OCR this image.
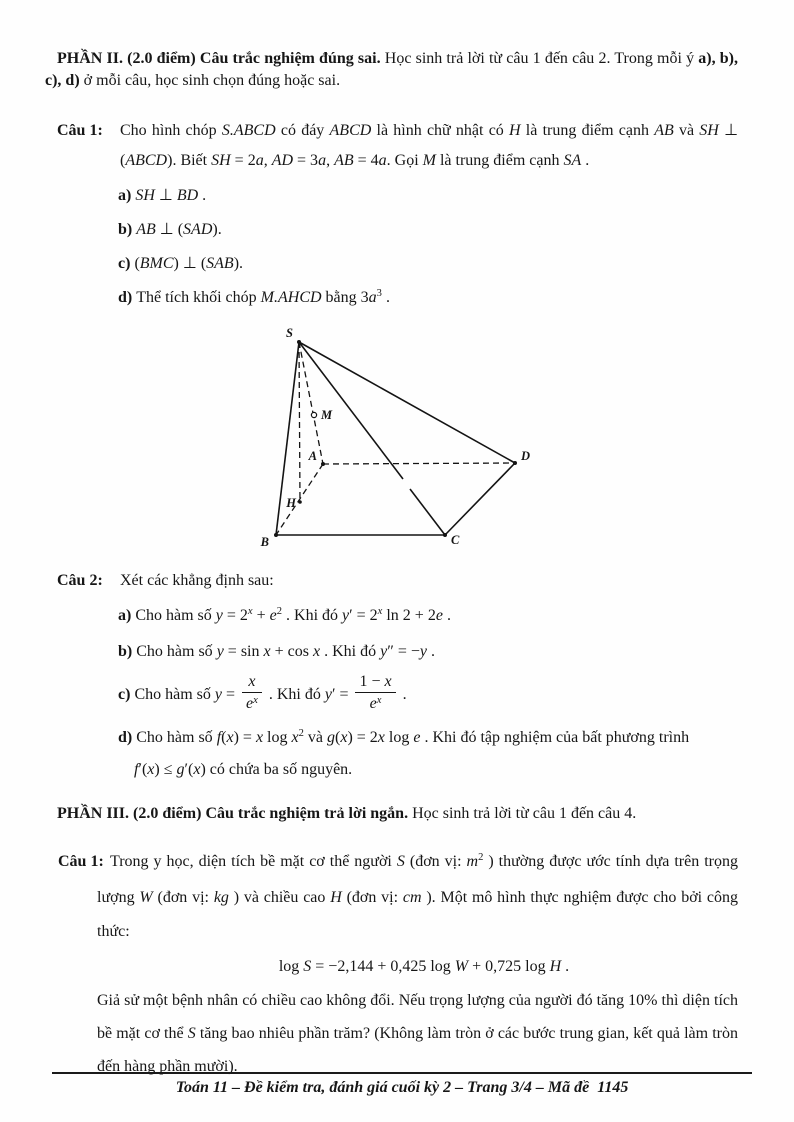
PHẦN II. (2.0 điểm) Câu trắc nghiệm đúng sai. Học sinh trả lời từ câu 1 đến câu 2. Trong mỗi ý a), b), c), d) ở mỗi câu, học sinh chọn đúng hoặc sai.

Câu 1:	Cho hình chóp S.ABCD có đáy ABCD là hình chữ nhật có H là trung điểm cạnh AB và SH ⊥ (ABCD). Biết SH = 2a, AD = 3a, AB = 4a. Gọi M là trung điểm cạnh SA .
a) SH ⊥ BD .
b) AB ⊥ (SAD).
c) (BMC) ⊥ (SAB).
d) Thể tích khối chóp M.AHCD bằng $3a^3$ .
S
M
A
H
B	C
D
Câu 2:	Xét các khẳng định sau:
a) Cho hàm số $y = 2^x + e^2$ . Khi đó $y' = 2^x$ ln 2 + 2e .
b) Cho hàm số y = sin x + cos x . Khi đó y″ = −y .
c) Cho hàm số $y = \frac{x}{e^x}$ . Khi đó $y' = \frac{1 - x}{e^x}$ .
d) Cho hàm số f(x) = x $\log x^2$ và g(x) = 2x log e . Khi đó tập nghiệm của bất phương trình
f′(x) ≤ g′(x) có chứa ba số nguyên.

PHẦN III. (2.0 điểm) Câu trắc nghiệm trả lời ngắn. Học sinh trả lời từ câu 1 đến câu 4.

Câu 1: Trong y học, diện tích bề mặt cơ thể người S (đơn vị: $m^2$ ) thường được ước tính dựa trên trọng lượng W (đơn vị: kg ) và chiều cao H (đơn vị: cm ). Một mô hình thực nghiệm được cho bởi công thức:

log S = −2,144 + 0,425 log W + 0,725 log H .
Giả sử một bệnh nhân có chiều cao không đổi. Nếu trọng lượng của người đó tăng 10% thì diện tích bề mặt cơ thể S tăng bao nhiêu phần trăm? (Không làm tròn ở các bước trung gian, kết quả làm tròn đến hàng phần mười).
Toán 11 – Đề kiểm tra, đánh giá cuối kỳ 2 – Trang 3/4 – Mã đề  1145
